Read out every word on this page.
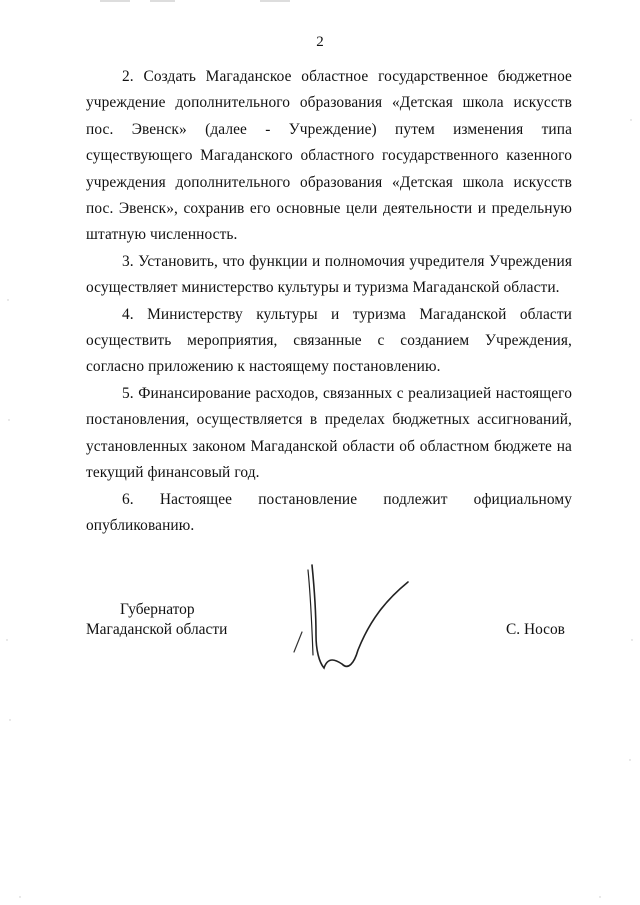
2

2. Создать Магаданское областное государственное бюджетное учреждение дополнительного образования «Детская школа искусств пос. Эвенск» (далее - Учреждение) путем изменения типа существующего Магаданского областного государственного казенного учреждения дополнительного образования «Детская школа искусств пос. Эвенск», сохранив его основные цели деятельности и предельную штатную численность.

3. Установить, что функции и полномочия учредителя Учреждения осуществляет министерство культуры и туризма Магаданской области.

4. Министерству культуры и туризма Магаданской области осуществить мероприятия, связанные с созданием Учреждения, согласно приложению к настоящему постановлению.

5. Финансирование расходов, связанных с реализацией настоящего постановления, осуществляется в пределах бюджетных ассигнований, установленных законом Магаданской области об областном бюджете на текущий финансовый год.

6. Настоящее постановление подлежит официальному опубликованию.

Губернатор
Магаданской области	С. Носов
